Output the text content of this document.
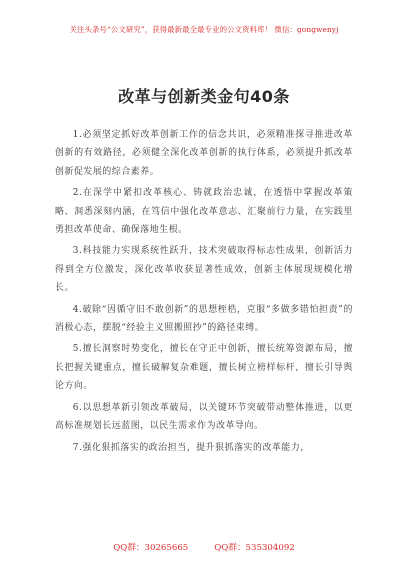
关注头条号“公文研究”，获得最新最全最专业的公文资料库！ 微信：gongwenyj
改革与创新类金句40条

1.必须坚定抓好改革创新工作的信念共识，必须精准探寻推进改革创新的有效路径，必须健全深化改革创新的执行体系，必须提升抓改革创新促发展的综合素养。

2.在深学中紧扣改革核心、铸就政治忠诚，在透悟中掌握改革策略、洞悉深刻内涵，在笃信中强化改革意志、汇聚前行力量，在实践里勇担改革使命、确保落地生根。

3.科技能力实现系统性跃升，技术突破取得标志性成果，创新活力得到全方位激发，深化改革收获显著性成效，创新主体展现规模化增长。

4.破除“因循守旧不敢创新”的思想桎梏，克服“多做多错怕担责”的消极心态，摆脱“经验主义照搬照抄”的路径束缚。

5.擅长洞察时势变化，擅长在守正中创新，擅长统筹资源布局，擅长把握关键重点，擅长破解复杂难题，擅长树立榜样标杆，擅长引导舆论方向。

6.以思想革新引领改革破局，以关键环节突破带动整体推进，以更高标准规划长远蓝图，以民生需求作为改革导向。

7.强化狠抓落实的政治担当，提升狠抓落实的改革能力，

QQ群：30265665	QQ群：535304092
